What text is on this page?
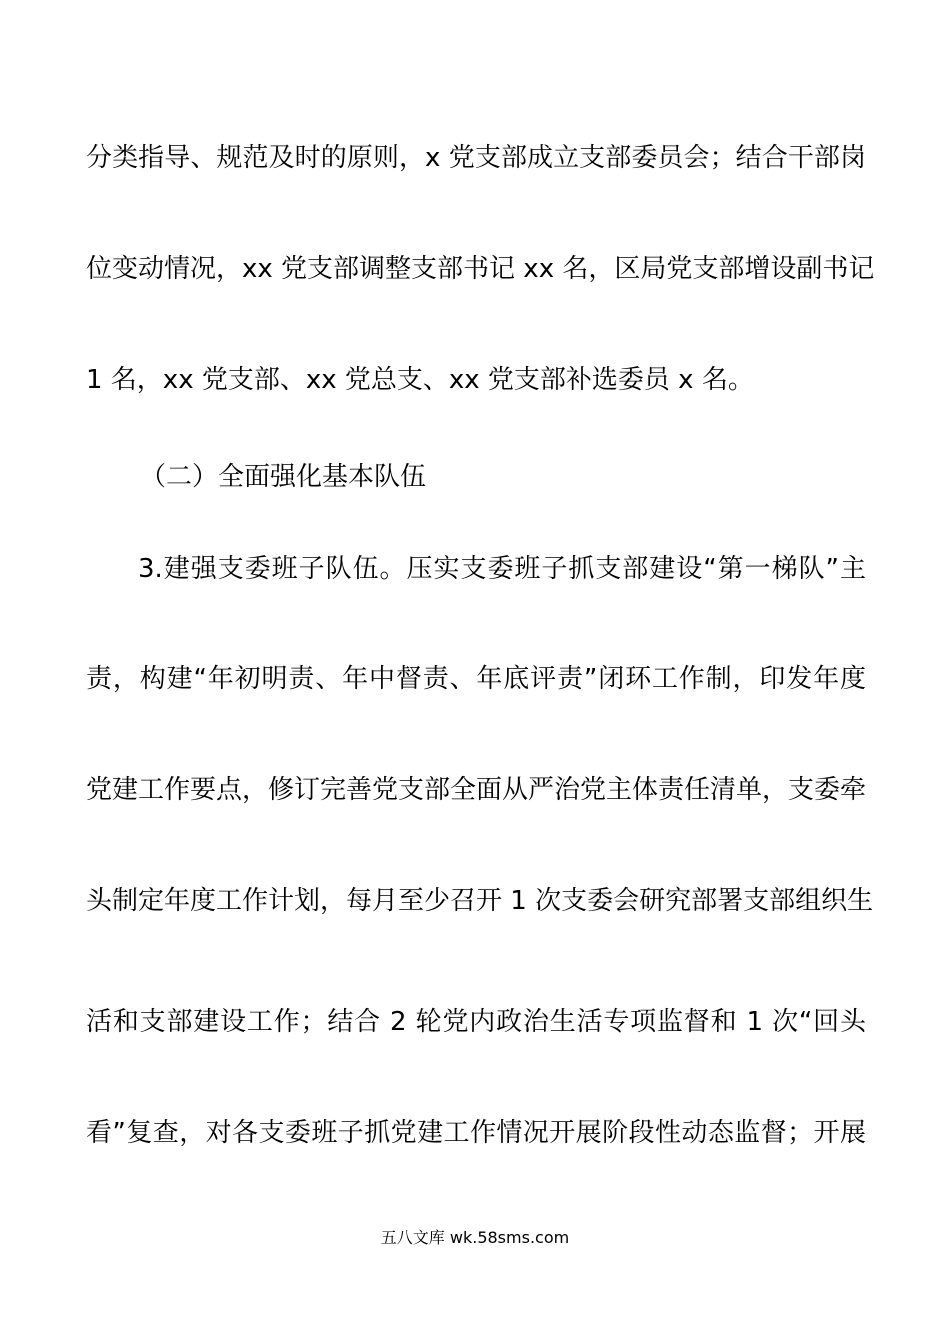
分类指导、规范及时的原则，x 党支部成立支部委员会；结合干部岗
位变动情况，xx 党支部调整支部书记 xx 名，区局党支部增设副书记
1 名，xx 党支部、xx 党总支、xx 党支部补选委员 x 名。
（二）全面强化基本队伍
3.建强支委班子队伍。压实支委班子抓支部建设“第一梯队”主
责，构建“年初明责、年中督责、年底评责”闭环工作制，印发年度
党建工作要点，修订完善党支部全面从严治党主体责任清单，支委牵
头制定年度工作计划，每月至少召开 1 次支委会研究部署支部组织生
活和支部建设工作；结合 2 轮党内政治生活专项监督和 1 次“回头
看”复查，对各支委班子抓党建工作情况开展阶段性动态监督；开展
五八文库 wk.58sms.com
